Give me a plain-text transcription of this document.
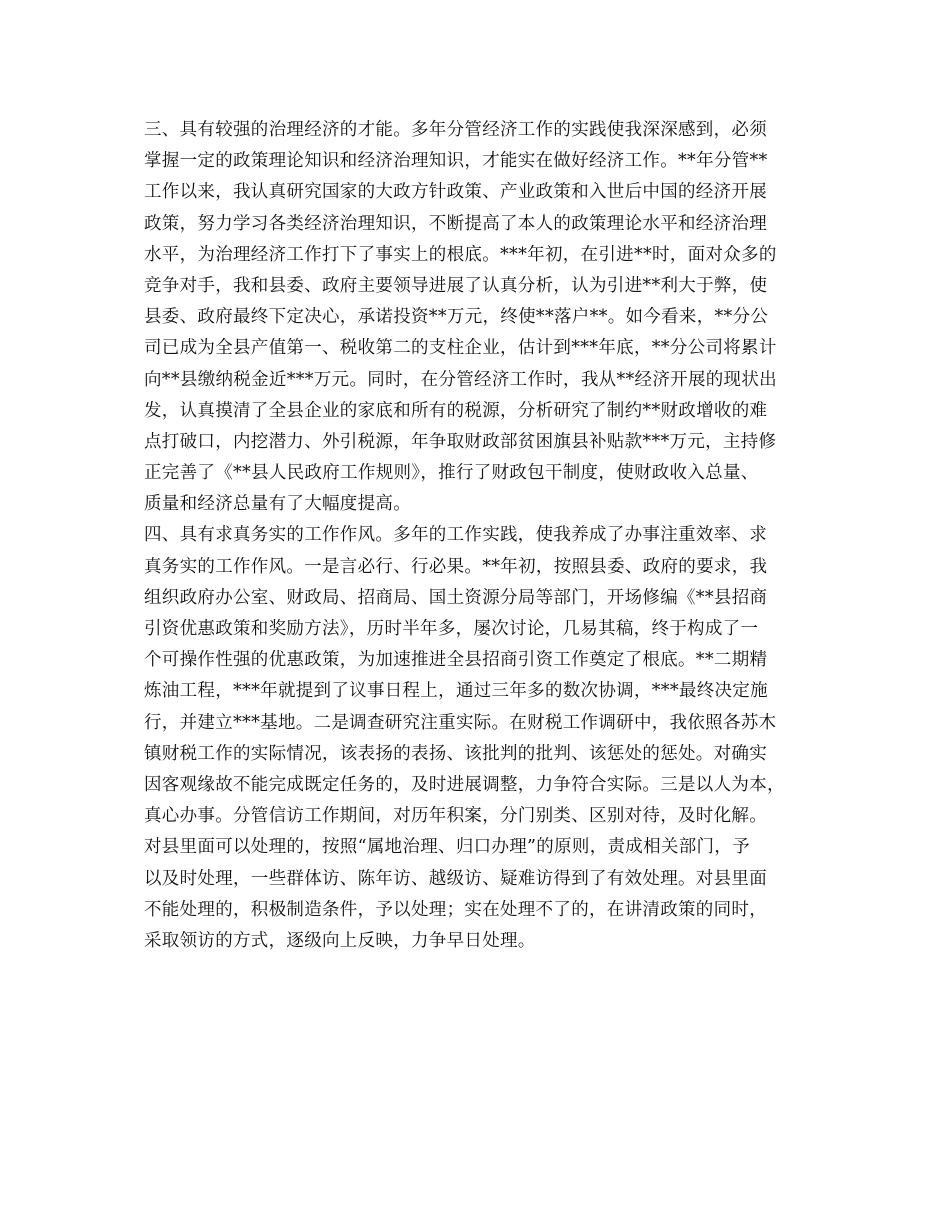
三、具有较强的治理经济的才能。多年分管经济工作的实践使我深深感到，必须
掌握一定的政策理论知识和经济治理知识，才能实在做好经济工作。**年分管**
工作以来，我认真研究国家的大政方针政策、产业政策和入世后中国的经济开展
政策，努力学习各类经济治理知识，不断提高了本人的政策理论水平和经济治理
水平，为治理经济工作打下了事实上的根底。***年初，在引进**时，面对众多的
竞争对手，我和县委、政府主要领导进展了认真分析，认为引进**利大于弊，使
县委、政府最终下定决心，承诺投资**万元，终使**落户**。如今看来，**分公
司已成为全县产值第一、税收第二的支柱企业，估计到***年底，**分公司将累计
向**县缴纳税金近***万元。同时，在分管经济工作时，我从**经济开展的现状出
发，认真摸清了全县企业的家底和所有的税源，分析研究了制约**财政增收的难
点打破口，内挖潜力、外引税源，年争取财政部贫困旗县补贴款***万元，主持修
正完善了《**县人民政府工作规则》，推行了财政包干制度，使财政收入总量、
质量和经济总量有了大幅度提高。
四、具有求真务实的工作作风。多年的工作实践，使我养成了办事注重效率、求
真务实的工作作风。一是言必行、行必果。**年初，按照县委、政府的要求，我
组织政府办公室、财政局、招商局、国土资源分局等部门，开场修编《**县招商
引资优惠政策和奖励方法》，历时半年多，屡次讨论，几易其稿，终于构成了一
个可操作性强的优惠政策，为加速推进全县招商引资工作奠定了根底。**二期精
炼油工程，***年就提到了议事日程上，通过三年多的数次协调，***最终决定施
行，并建立***基地。二是调查研究注重实际。在财税工作调研中，我依照各苏木
镇财税工作的实际情况，该表扬的表扬、该批判的批判、该惩处的惩处。对确实
因客观缘故不能完成既定任务的，及时进展调整，力争符合实际。三是以人为本，
真心办事。分管信访工作期间，对历年积案，分门别类、区别对待，及时化解。
对县里面可以处理的，按照“属地治理、归口办理”的原则，责成相关部门，予
以及时处理，一些群体访、陈年访、越级访、疑难访得到了有效处理。对县里面
不能处理的，积极制造条件，予以处理；实在处理不了的，在讲清政策的同时，
采取领访的方式，逐级向上反映，力争早日处理。
